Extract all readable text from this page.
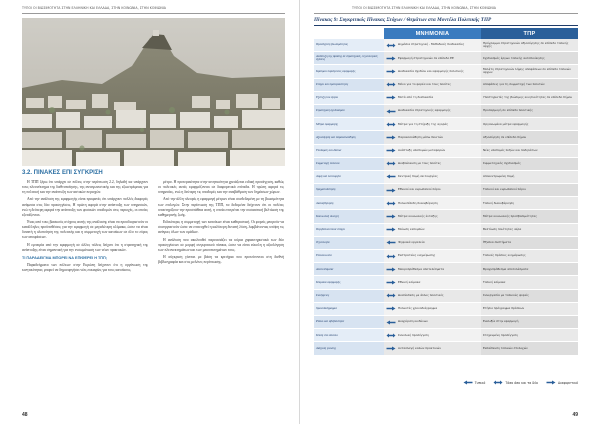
ΤΥΠΟΙ ΟΙ ΒΙΩΣΙΜΟΤΗΤΑ ΣΤΗΝ ΕΛΛΗΝΙΚΗ ΚΑΙ ΕΛΛΑΔΑ, ΣΤΗΝ ΚΟΙΝΩΝΙΑ, ΣΤΗΝ ΚΟΙΝΩΝΙΑ
3.2. ΠΙΝΑΚΕΣ ΕΠΙ ΣΥΓΚΡΙΣΗ

Η ΤΠΠ ξέρω ότι υπάρχει σε πόλεις στην περίπτωση 2.2, δηλαδή κα υπάρχουν τους πλεονέκτημα της διεθνοποίησης, της ανταγωνιστικής και της εξωστρέφειας για τη πολιτική και την ανάπτυξη των αστικών περιοχών.

Από την ανάλυση της εφαρμογής είναι προφανές ότι υπάρχουν πολλές διαφορές ανάμεσα στις δύο προσεγγίσεις. Η πρώτη αφορά στην ανάπτυξη των υπηρεσιών, ενώ η δεύτερη αφορά την ανάπτυξη των φυσικών υποδομών στις περιοχές, οι οποίες εξετάζονται.

Ένας από τους βασικούς στόχους αυτής της ανάλυσης είναι να προσδιοριστούν οι κατάλληλες προϋποθέσεις για την εφαρμογή σε μεγαλύτερη κλίμακα, ώστε να είναι δυνατή η υλοποίηση της πολιτικής και η συμμετοχή των κατοίκων σε όλο το εύρος των αποφάσεων.

Η εμπειρία από την εφαρμογή σε άλλες πόλεις δείχνει ότι η στρατηγική της ανάπτυξης είναι σημαντική για την ενσωμάτωση των νέων πρακτικών.

ΤΙ ΠΑΡΑΔΕΙΓΜΑ ΜΠΟΡΕΙ ΝΑ ΕΠΙΦΕΡΕΙ Η ΤΠΠ;

Παραδείγματα των πόλεων στην Ευρώπη δείχνουν ότι η οργάνωση της κινητικότητας μπορεί να δημιουργήσει νέες ευκαιρίες για τους κατοίκους.

μέτρο. Η προτεραιότητα στην κινητικότητα χρειάζεται ειδική προσέγγιση, καθώς οι πολιτικές αυτές εφαρμόζονται σε διαφορετικά επίπεδα. Η πρώτη αφορά τις υπηρεσίες, ενώ η δεύτερη τις υποδομές και την αναβάθμιση των δημόσιων χώρων.

Από την άλλη πλευρά, η εφαρμογή μέτρων είναι συνδεδεμένη με τη βιωσιμότητα των επιλογών. Στην περίπτωση της ΤΠΠ, τα δεδομένα δείχνουν ότι οι πολίτες υποστηρίζουν την προσπάθεια αυτή, η οποία επιτρέπει την ουσιαστική βελτίωση της καθημερινής ζωής.

Ειδικότερα, η συμμετοχή των κατοίκων είναι καθοριστική. Οι φορείς μπορούν να συνεργαστούν ώστε να επιτευχθεί η καλύτερη δυνατή λύση, λαμβάνοντας υπόψη τις ανάγκες όλων των ομάδων.

Η ανάλυση που ακολουθεί παρουσιάζει τα κύρια χαρακτηριστικά των δύο προσεγγίσεων σε μορφή συγκριτικού πίνακα, ώστε να είναι εύκολη η αξιολόγηση των πλεονεκτημάτων και των μειονεκτημάτων τους.

Η σύγκριση γίνεται με βάση τα κριτήρια που προτείνονται στη διεθνή βιβλιογραφία και στις μελέτες περίπτωσης.

48
ΤΥΠΟΙ ΟΙ ΒΙΩΣΙΜΟΤΗΤΑ ΣΤΗΝ ΕΛΛΗΝΙΚΗ ΚΑΙ ΕΛΛΑΔΑ, ΣΤΗΝ ΚΟΙΝΩΝΙΑ, ΣΤΗΝ ΚΟΙΝΩΝΙΑ
Πίνακας 9: Συγκριτικός Πίνακας Στόχων / Θεμάτων στα Μοντέλα Πολιτικής ΤΠΡ
	ΜΝΗΜΟΝΙΑ	ΤΠΡ
Προσέγγιση βιωσιμότητας	Δημόσια στρατηγική - Μεθοδικές διαδικασίες	Πρόγραμμα στρατηγικών Αξιολόγησης σε επίπεδο τοπικής αρχής
Ανάπτυξη της δράσης σε στρατηγικές, τεχνολογικές σχέσεις	Εφαρμογή στρατηγικών σε επίπεδο ΕΕ	Σχεδιασμός έργων τοπικής αυτοδιοίκησης
Κρίσιμοι παράγοντες εφαρμογής	Διαδικασία σχεδίου και εφαρμογής πολιτικής	Μελέτη στρατηγικών λήψης αποφάσεων σε επίπεδο τοπικών αρχών
Στόχοι και προτεραιότητες	Μόνο για το φορέα και τους πολίτες	Αποφάσεις για τη συμμετοχή των πολιτών
Εξέλιξη του έργου	Μετά από τη διαδικασία	Υποστηρικτές της βιώσιμης κινητικότητας σε επίπεδο δήμου
Στρατηγική σχεδιασμού	Διαδικασία στρατηγικής εφαρμογής	Προσαρμογή σε επίπεδο πολιτικής
Μέτρα εφαρμογής	Μέτρα για τη στήριξη της αγοράς	Οργανωμένα μέτρα εφαρμογής
Αξιολόγηση και παρακολούθηση	Παρακολούθηση μέσω δεικτών	Αξιολόγηση σε επίπεδο δήμου
Υποδομές και δίκτυα	Ανάπτυξη υποδομών μεταφορών	Νέες υποδομές πεζών και ποδηλάτων
Συμμετοχή πολιτών	Διαβούλευση με τους πολίτες	Συμμετοχικός σχεδιασμός
Δομή και λειτουργία	Κεντρική δομή λειτουργίας	Αποκεντρωμένη δομή
Χρηματοδότηση	Εθνικοί και ευρωπαϊκοί πόροι	Τοπικοί και ευρωπαϊκοί πόροι
Διακυβέρνηση	Πολυεπίπεδη διακυβέρνηση	Τοπική διακυβέρνηση
Κοινωνική συνοχή	Μέτρα κοινωνικής ένταξης	Μέτρα κοινωνικής προσβασιμότητας
Περιβαλλοντικοί στόχοι	Μείωση εκπομπών	Βελτίωση ποιότητας αέρα
Τεχνολογία	Ψηφιακά εργαλεία	Έξυπνα συστήματα
Επικοινωνία	Εκστρατείες ενημέρωσης	Τοπικές δράσεις ενημέρωσης
Αποτελέσματα	Μακροπρόθεσμα αποτελέσματα	Βραχυπρόθεσμα αποτελέσματα
Κλίμακα εφαρμογής	Εθνική κλίμακα	Τοπική κλίμακα
Συνέργειες	Διασύνδεση με άλλες πολιτικές	Συνεργασία με τοπικούς φορείς
Χρονοδιάγραμμα	Πολυετές χρονοδιάγραμμα	Ετήσιο πρόγραμμα δράσεων
Ρίσκο και αβεβαιότητα	Διαχείριση κινδύνων	Ευελιξία στην εφαρμογή
Κλίση στο σύνολο	Συνολική προσέγγιση	Στοχευμένη προσέγγιση
Διάχυση γνώσης	Ανταλλαγή καλών πρακτικών	Εκπαίδευση τοπικών στελεχών
Τυπικό	Τόσο όσο και τα δύο	Διαφορετικό
49
